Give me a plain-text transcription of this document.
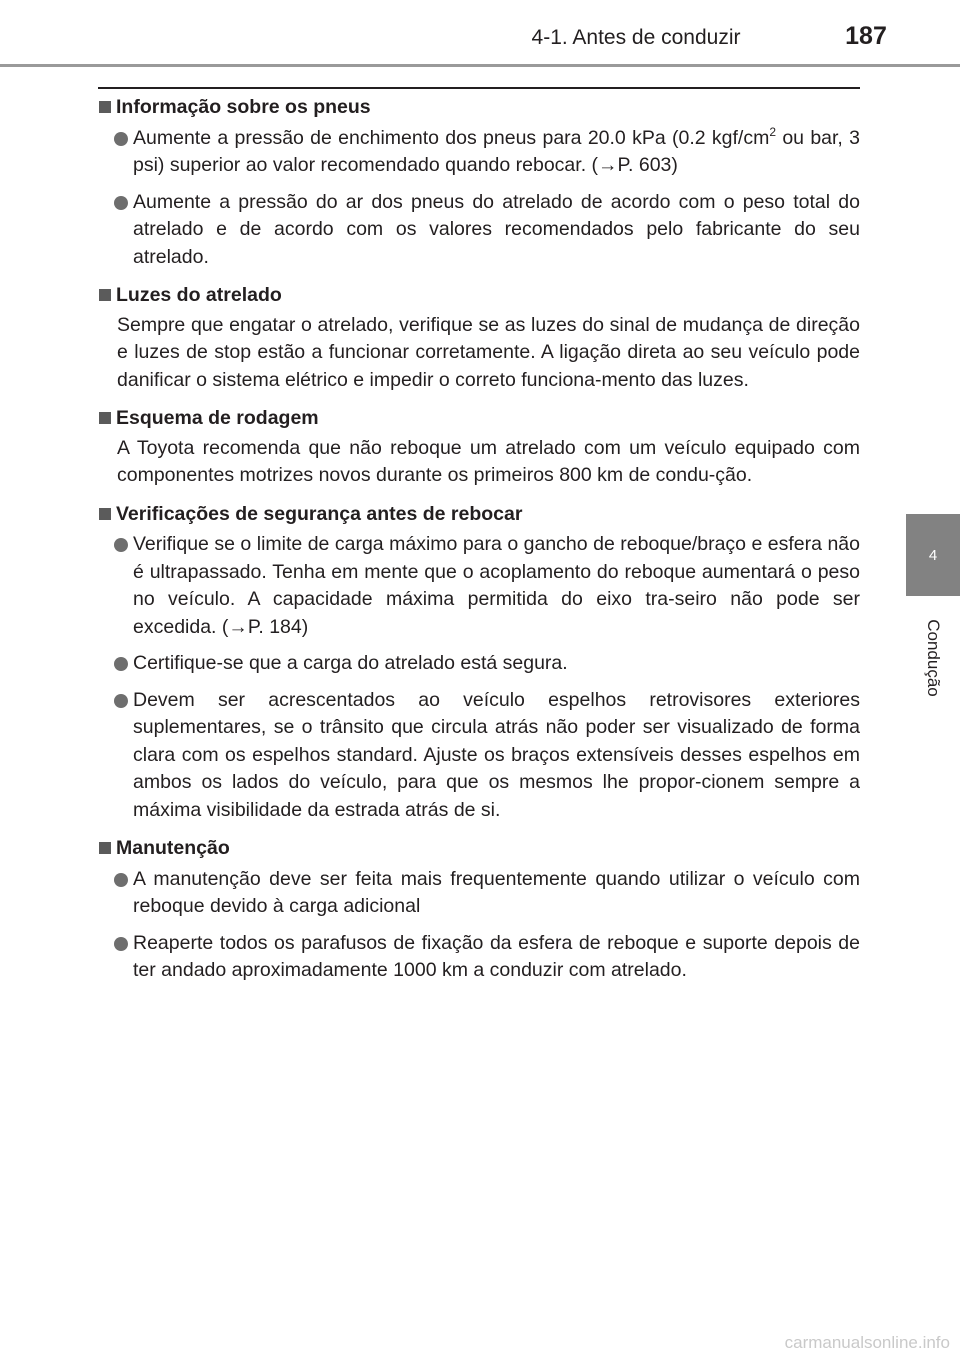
4-1. Antes de conduzir	187
4
Condução
Informação sobre os pneus
Aumente a pressão de enchimento dos pneus para 20.0 kPa (0.2 kgf/$cm^2$ ou bar, 3 psi) superior ao valor recomendado quando rebocar. (→P. 603)
Aumente a pressão do ar dos pneus do atrelado de acordo com o peso total do atrelado e de acordo com os valores recomendados pelo fabricante do seu atrelado.
Luzes do atrelado
Sempre que engatar o atrelado, verifique se as luzes do sinal de mudança de direção e luzes de stop estão a funcionar corretamente. A ligação direta ao seu veículo pode danificar o sistema elétrico e impedir o correto funciona-mento das luzes.
Esquema de rodagem
A Toyota recomenda que não reboque um atrelado com um veículo equipado com componentes motrizes novos durante os primeiros 800 km de condu-ção.
Verificações de segurança antes de rebocar
Verifique se o limite de carga máximo para o gancho de reboque/braço e esfera não é ultrapassado. Tenha em mente que o acoplamento do reboque aumentará o peso no veículo. A capacidade máxima permitida do eixo tra-seiro não pode ser excedida. (→P. 184)
Certifique-se que a carga do atrelado está segura.
Devem ser acrescentados ao veículo espelhos retrovisores exteriores suplementares, se o trânsito que circula atrás não poder ser visualizado de forma clara com os espelhos standard. Ajuste os braços extensíveis desses espelhos em ambos os lados do veículo, para que os mesmos lhe propor-cionem sempre a máxima visibilidade da estrada atrás de si.
Manutenção
A manutenção deve ser feita mais frequentemente quando utilizar o veículo com reboque devido à carga adicional
Reaperte todos os parafusos de fixação da esfera de reboque e suporte depois de ter andado aproximadamente 1000 km a conduzir com atrelado.
carmanualsonline.info
